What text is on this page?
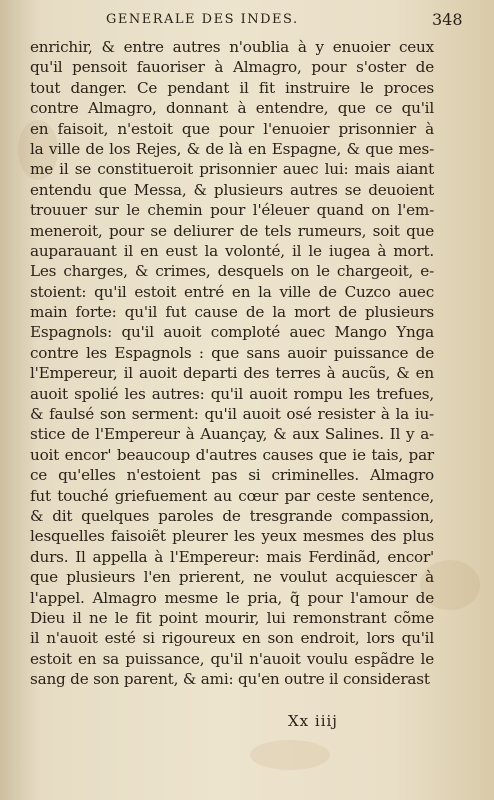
GENERALE DES INDES.	348
enrichir, & entre autres n'oublia à y enuoier ceux
qu'il pensoit fauoriser à Almagro, pour s'oster de
tout danger. Ce pendant il fit instruire le proces
contre Almagro, donnant à entendre, que ce qu'il
en faisoit, n'estoit que pour l'enuoier prisonnier à
la ville de los Rejes, & de là en Espagne, & que mes-
me il se constitueroit prisonnier auec lui: mais aiant
entendu que Messa, & plusieurs autres se deuoient
trouuer sur le chemin pour l'éleuer quand on l'em-
meneroit, pour se deliurer de tels rumeurs, soit que
auparauant il en eust la volonté, il le iugea à mort.
Les charges, & crimes, desquels on le chargeoit, e-
stoient: qu'il estoit entré en la ville de Cuzco auec
main forte: qu'il fut cause de la mort de plusieurs
Espagnols: qu'il auoit comploté auec Mango Ynga
contre les Espagnols : que sans auoir puissance de
l'Empereur, il auoit departi des terres à aucũs, & en
auoit spolié les autres: qu'il auoit rompu les trefues,
& faulsé son serment: qu'il auoit osé resister à la iu-
stice de l'Empereur à Auançay, & aux Salines. Il y a-
uoit encor' beaucoup d'autres causes que ie tais, par
ce qu'elles n'estoient pas si criminelles. Almagro
fut touché griefuement au cœur par ceste sentence,
& dit quelques paroles de tresgrande compassion,
lesquelles faisoiẽt pleurer les yeux mesmes des plus
durs. Il appella à l'Empereur: mais Ferdinãd, encor'
que plusieurs l'en prierent, ne voulut acquiescer à
l'appel. Almagro mesme le pria, q̃ pour l'amour de
Dieu il ne le fit point mourir, lui remonstrant cõme
il n'auoit esté si rigoureux en son endroit, lors qu'il
estoit en sa puissance, qu'il n'auoit voulu espãdre le
sang de son parent, & ami: qu'en outre il considerast
Xx iiij
